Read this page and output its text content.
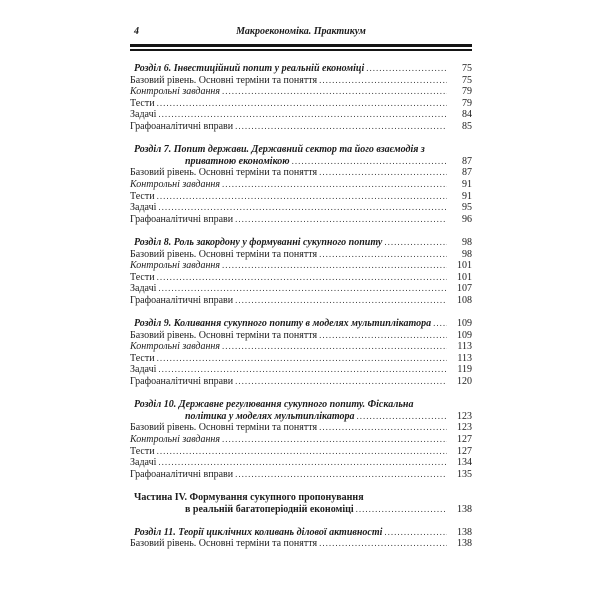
4	Макроекономіка. Практикум
Розділ 6. Інвестиційний попит у реальній економіці .....	75
Базовий рівень. Основні терміни та поняття .....	75
Контрольні завдання .....	79
Тести .....	79
Задачі .....	84
Графоаналітичні вправи .....	85
Розділ 7. Попит держави. Державний сектор та його взаємодія з
приватною економікою .....	87
Базовий рівень. Основні терміни та поняття .....	87
Контрольні завдання .....	91
Тести .....	91
Задачі .....	95
Графоаналітичні вправи .....	96
Розділ 8. Роль закордону у формуванні сукупного попиту .....	98
Базовий рівень. Основні терміни та поняття .....	98
Контрольні завдання .....	101
Тести .....	101
Задачі .....	107
Графоаналітичні вправи .....	108
Розділ 9. Коливання сукупного попиту в моделях мультиплікатора .....	109
Базовий рівень. Основні терміни та поняття .....	109
Контрольні завдання .....	113
Тести .....	113
Задачі .....	119
Графоаналітичні вправи .....	120
Розділ 10. Державне регулювання сукупного попиту. Фіскальна
політика у моделях мультиплікатора .....	123
Базовий рівень. Основні терміни та поняття .....	123
Контрольні завдання .....	127
Тести .....	127
Задачі .....	134
Графоаналітичні вправи .....	135
Частина IV. Формування сукупного пропонування
в реальній багатоперіодній економіці .....	138
Розділ 11. Теорії циклічних коливань ділової активності .....	138
Базовий рівень. Основні терміни та поняття .....	138
